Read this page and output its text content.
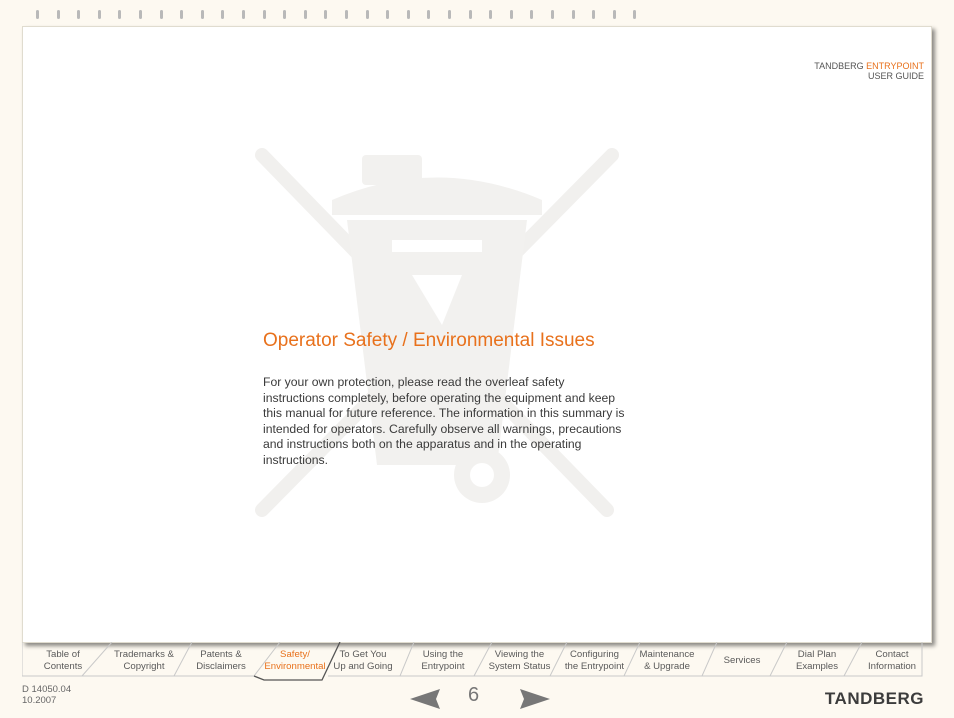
TANDBERG ENTRYPOINT
USER GUIDE
Operator Safety / Environmental Issues
For your own protection, please read the overleaf safety instructions completely, before operating the equipment and keep this manual for future reference. The information in this summary is intended for operators. Carefully observe all warnings, precautions and instructions both on the apparatus and in the operating instructions.
Table of
Contents
Trademarks &
Copyright
Patents &
Disclaimers
Safety/
Environmental
To Get You
Up and Going
Using the
Entrypoint
Viewing the
System Status
Configuring
the Entrypoint
Maintenance
& Upgrade
Services
Dial Plan
Examples
Contact
Information
D 14050.04
10.2007	6	TANDBERG
